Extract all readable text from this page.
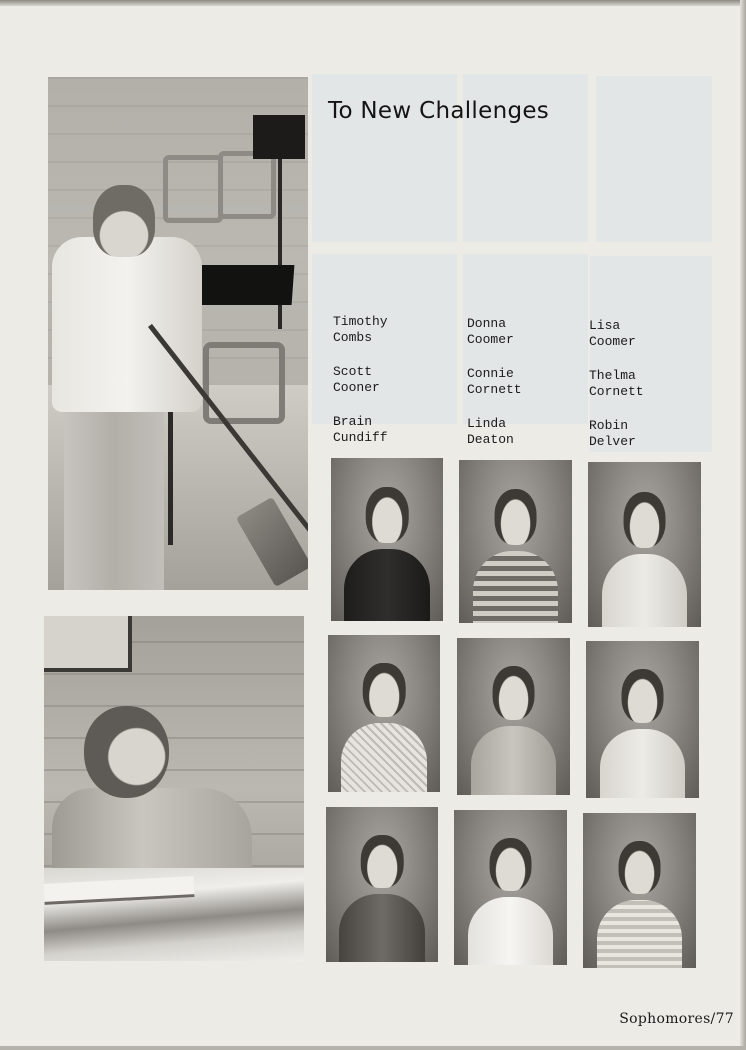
To New Challenges
Timothy
Combs
Donna
Coomer
Lisa
Coomer
Scott
Cooner
Connie
Cornett
Thelma
Cornett
Brain
Cundiff
Linda
Deaton
Robin
Delver
Sophomores/77
